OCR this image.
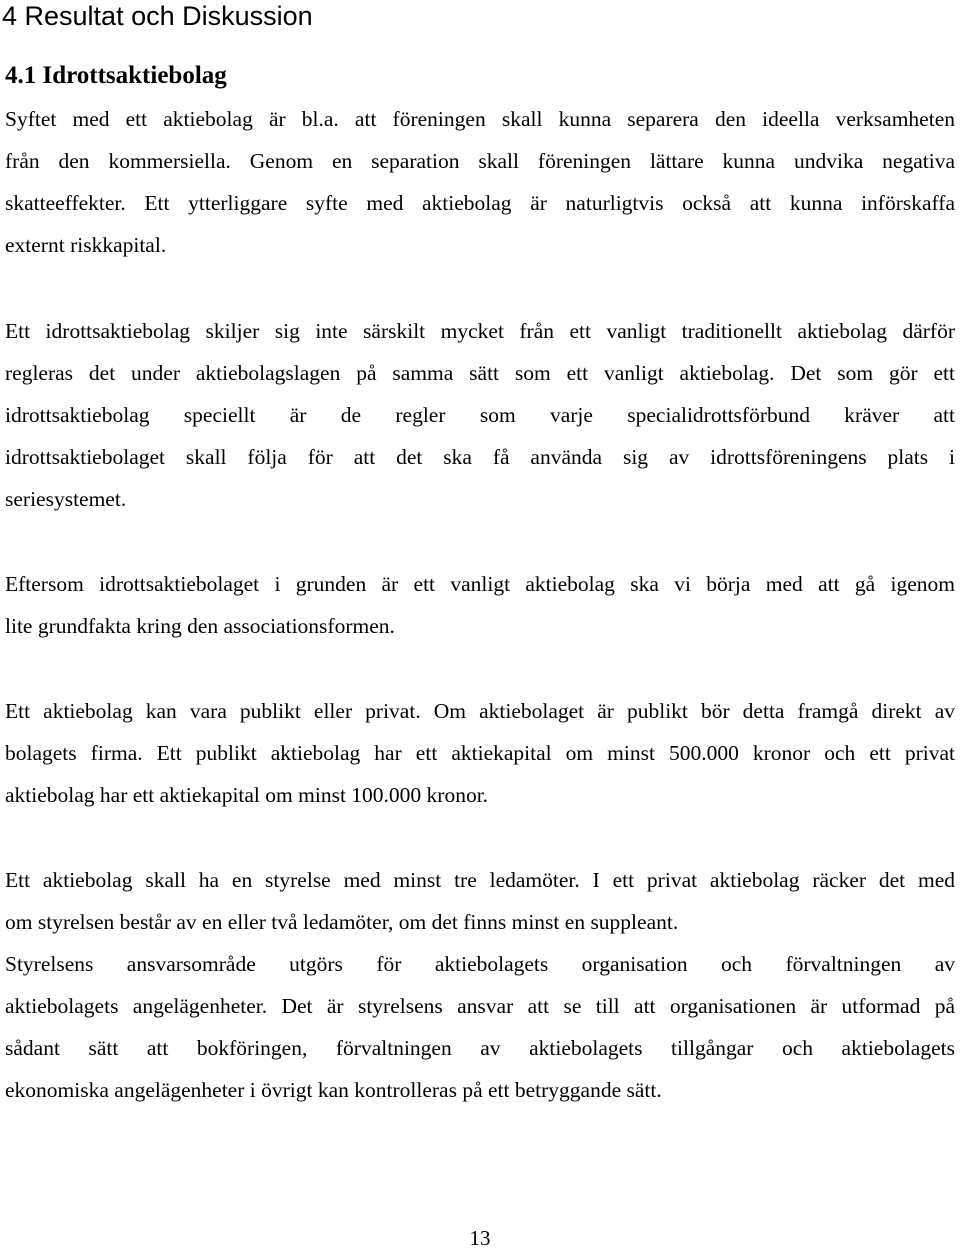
4 Resultat och Diskussion
4.1 Idrottsaktiebolag
Syftet med ett aktiebolag är bl.a. att föreningen skall kunna separera den ideella verksamheten
från den kommersiella. Genom en separation skall föreningen lättare kunna undvika negativa
skatteeffekter. Ett ytterliggare syfte med aktiebolag är naturligtvis också att kunna införskaffa
externt riskkapital.
Ett idrottsaktiebolag skiljer sig inte särskilt mycket från ett vanligt traditionellt aktiebolag därför
regleras det under aktiebolagslagen på samma sätt som ett vanligt aktiebolag. Det som gör ett
idrottsaktiebolag speciellt är de regler som varje specialidrottsförbund kräver att
idrottsaktiebolaget skall följa för att det ska få använda sig av idrottsföreningens plats i
seriesystemet.
Eftersom idrottsaktiebolaget i grunden är ett vanligt aktiebolag ska vi börja med att gå igenom
lite grundfakta kring den associationsformen.
Ett aktiebolag kan vara publikt eller privat. Om aktiebolaget är publikt bör detta framgå direkt av
bolagets firma. Ett publikt aktiebolag har ett aktiekapital om minst 500.000 kronor och ett privat
aktiebolag har ett aktiekapital om minst 100.000 kronor.
Ett aktiebolag skall ha en styrelse med minst tre ledamöter. I ett privat aktiebolag räcker det med
om styrelsen består av en eller två ledamöter, om det finns minst en suppleant.
Styrelsens ansvarsområde utgörs för aktiebolagets organisation och förvaltningen av
aktiebolagets angelägenheter. Det är styrelsens ansvar att se till att organisationen är utformad på
sådant sätt att bokföringen, förvaltningen av aktiebolagets tillgångar och aktiebolagets
ekonomiska angelägenheter i övrigt kan kontrolleras på ett betryggande sätt.
13
